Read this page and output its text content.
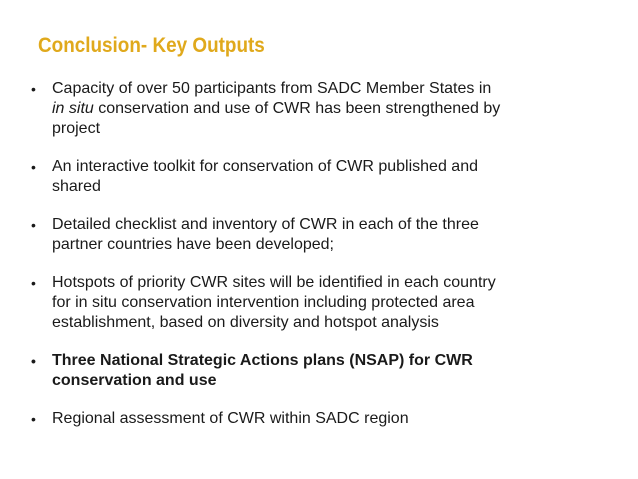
Conclusion- Key Outputs
• Capacity of over 50 participants from SADC Member States in
in situ conservation and use of CWR has been strengthened by
project
• An interactive toolkit for conservation of CWR published and
shared
• Detailed checklist and inventory of CWR in each of the three
partner countries have been developed;
• Hotspots of priority CWR sites will be identified in each country
for in situ conservation intervention including protected area
establishment, based on diversity and hotspot analysis
• Three National Strategic Actions plans (NSAP) for CWR
conservation and use
• Regional assessment of CWR within SADC region
